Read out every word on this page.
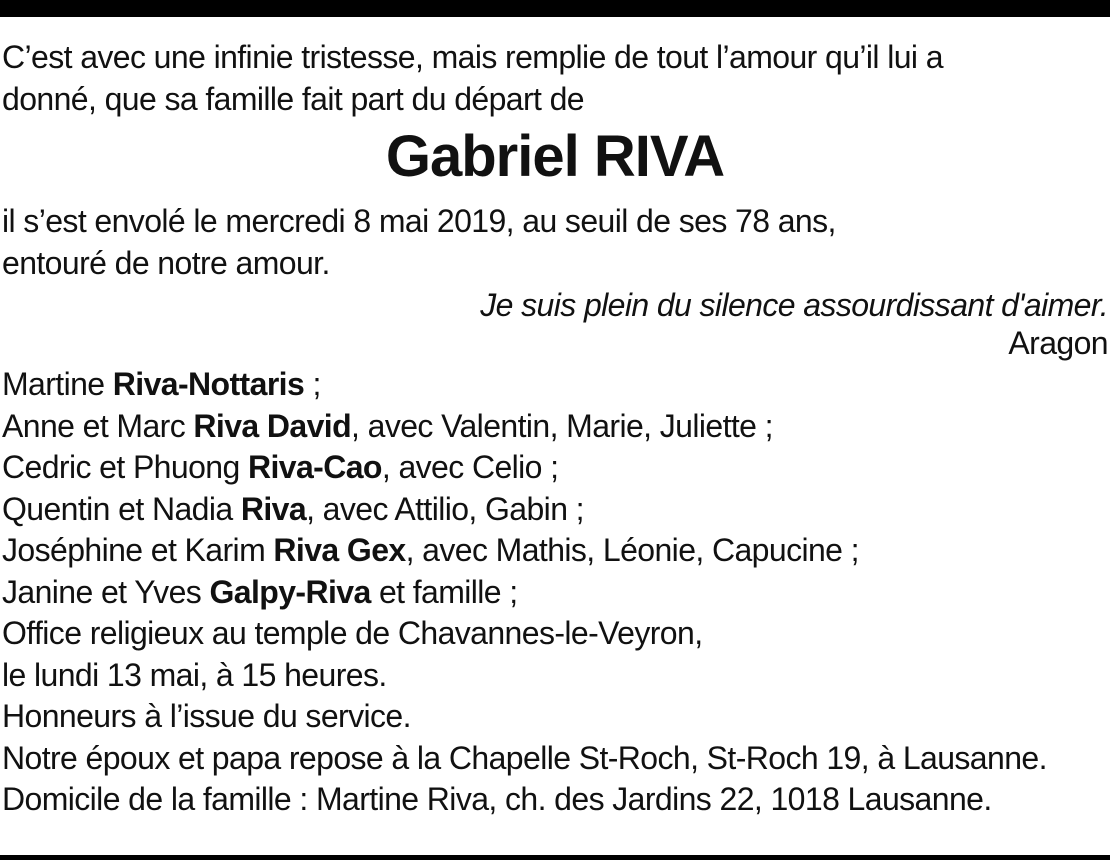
C’est avec une infinie tristesse, mais remplie de tout l’amour qu’il lui a
donné, que sa famille fait part du départ de
Gabriel RIVA
il s’est envolé le mercredi 8 mai 2019, au seuil de ses 78 ans,
entouré de notre amour.
Je suis plein du silence assourdissant d'aimer.
Aragon
Martine Riva-Nottaris ;
Anne et Marc Riva David, avec Valentin, Marie, Juliette ;
Cedric et Phuong Riva-Cao, avec Celio ;
Quentin et Nadia Riva, avec Attilio, Gabin ;
Joséphine et Karim Riva Gex, avec Mathis, Léonie, Capucine ;
Janine et Yves Galpy-Riva et famille ;
Office religieux au temple de Chavannes-le-Veyron,
le lundi 13 mai, à 15 heures.
Honneurs à l’issue du service.
Notre époux et papa repose à la Chapelle St-Roch, St-Roch 19, à Lausanne.
Domicile de la famille : Martine Riva, ch. des Jardins 22, 1018 Lausanne.
